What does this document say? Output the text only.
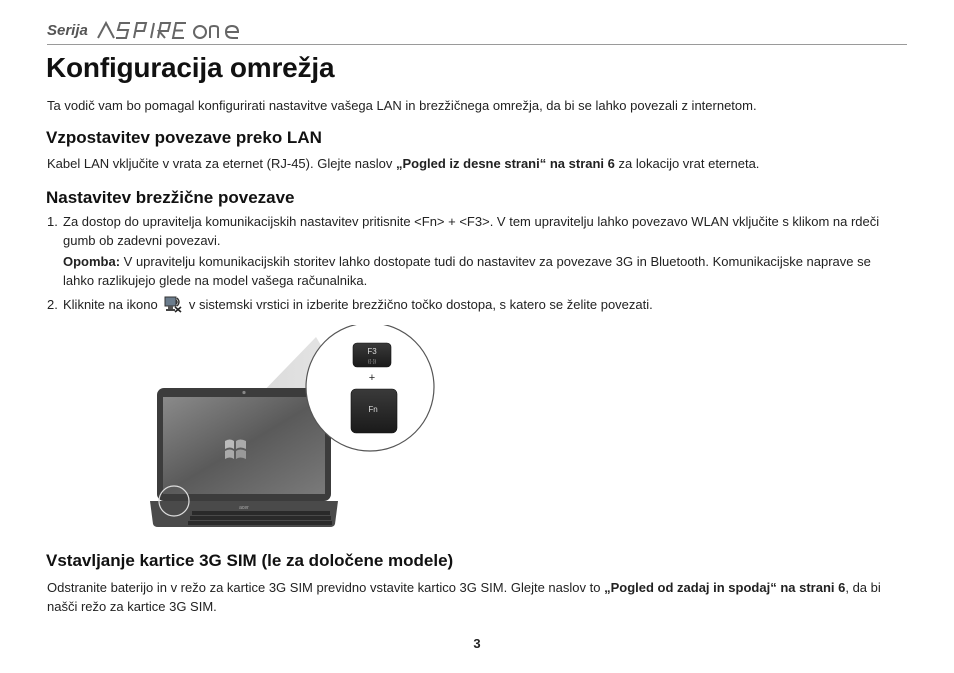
Serija
Konfiguracija omrežja

Ta vodič vam bo pomagal konfigurirati nastavitve vašega LAN in brezžičnega omrežja, da bi se lahko povezali z internetom.

Vzpostavitev povezave preko LAN

Kabel LAN vključite v vrata za eternet (RJ-45). Glejte naslov „Pogled iz desne strani“ na strani 6 za lokacijo vrat eterneta.

Nastavitev brezžične povezave
1. Za dostop do upravitelja komunikacijskih nastavitev pritisnite <Fn> + <F3>. V tem upravitelju lahko povezavo WLAN vključite s klikom na rdeči gumb ob zadevni povezavi.
Opomba: V upravitelju komunikacijskih storitev lahko dostopate tudi do nastavitev za povezave 3G in Bluetooth. Komunikacijske naprave se lahko razlikujejo glede na model vašega računalnika.
2. Kliknite na ikono  v sistemski vrstici in izberite brezžično točko dostopa, s katero se želite povezati.
acer
F3
((·))
+
Fn
Vstavljanje kartice 3G SIM (le za določene modele)

Odstranite baterijo in v režo za kartice 3G SIM previdno vstavite kartico 3G SIM. Glejte naslov to „Pogled od zadaj in spodaj“ na strani 6, da bi našči režo za kartice 3G SIM.

3
